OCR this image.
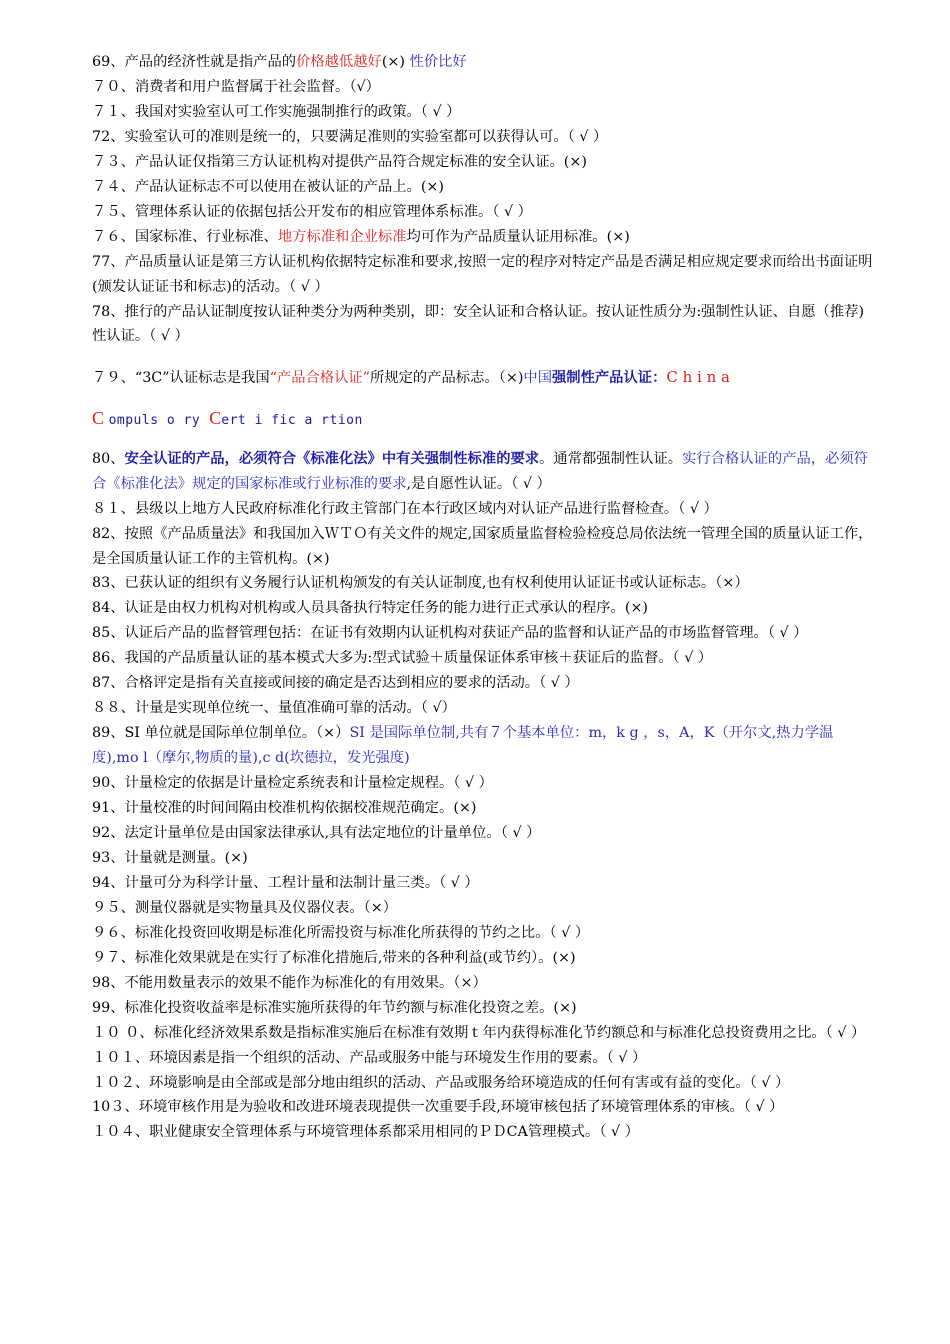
69、产品的经济性就是指产品的价格越低越好(×) 性价比好
７０、消费者和用户监督属于社会监督。（√）
７１、我国对实验室认可工作实施强制推行的政策。（ √ ）
72、实验室认可的准则是统一的，只要满足准则的实验室都可以获得认可。（ √ ）
７３、产品认证仅指第三方认证机构对提供产品符合规定标准的安全认证。(×)
７４、产品认证标志不可以使用在被认证的产品上。(×)
７５、管理体系认证的依据包括公开发布的相应管理体系标准。（ √ ）
７６、国家标准、行业标准、地方标准和企业标准均可作为产品质量认证用标准。(×)
77、产品质量认证是第三方认证机构依据特定标准和要求,按照一定的程序对特定产品是否满足相应规定要求而给出书面证明(颁发认证证书和标志)的活动。（ √ ）
78、推行的产品认证制度按认证种类分为两种类别，即：安全认证和合格认证。按认证性质分为:强制性认证、自愿（推荐)性认证。（ √ ）
７９、“3C”认证标志是我国“产品合格认证”所规定的产品标志。（×)中国强制性产品认证：C h i n a
C ompuls o ry Cert i fic a rtion
80、安全认证的产品，必须符合《标准化法》中有关强制性标准的要求。通常都强制性认证。实行合格认证的产品，必须符合《标准化法》规定的国家标准或行业标准的要求,是自愿性认证。（ √ ）
８１、县级以上地方人民政府标准化行政主管部门在本行政区域内对认证产品进行监督检查。（ √ ）
82、按照《产品质量法》和我国加入ＷＴＯ有关文件的规定,国家质量监督检验检疫总局依法统一管理全国的质量认证工作，是全国质量认证工作的主管机构。(×)
83、已获认证的组织有义务履行认证机构颁发的有关认证制度,也有权利使用认证证书或认证标志。（×）
84、认证是由权力机构对机构或人员具备执行特定任务的能力进行正式承认的程序。(×)
85、认证后产品的监督管理包括：在证书有效期内认证机构对获证产品的监督和认证产品的市场监督管理。（ √ ）
86、我国的产品质量认证的基本模式大多为:型式试验＋质量保证体系审核＋获证后的监督。（ √ ）
87、合格评定是指有关直接或间接的确定是否达到相应的要求的活动。（ √ ）
８８、计量是实现单位统一、量值准确可靠的活动。（ √）
89、SI 单位就是国际单位制单位。（×）SI 是国际单位制,共有７个基本单位：m，k g ，s，A，K（开尔文,热力学温度),mo l（摩尔,物质的量),c d(坎德拉，发光强度)
90、计量检定的依据是计量检定系统表和计量检定规程。（ √ ）
91、计量校准的时间间隔由校准机构依据校准规范确定。(×)
92、法定计量单位是由国家法律承认,具有法定地位的计量单位。（ √ ）
93、计量就是测量。(×)
94、计量可分为科学计量、工程计量和法制计量三类。（ √ ）
９５、测量仪器就是实物量具及仪器仪表。（×）
９６、标准化投资回收期是标准化所需投资与标准化所获得的节约之比。（ √ ）
９７、标准化效果就是在实行了标准化措施后,带来的各种利益(或节约）。(×)
98、不能用数量表示的效果不能作为标准化的有用效果。（×）
99、标准化投资收益率是标准实施所获得的年节约额与标准化投资之差。(×)
１０ ０、标准化经济效果系数是指标准实施后在标准有效期ｔ年内获得标准化节约额总和与标准化总投资费用之比。（ √ ）
１０１、环境因素是指一个组织的活动、产品或服务中能与环境发生作用的要素。（ √ ）
１０２、环境影响是由全部或是部分地由组织的活动、产品或服务给环境造成的任何有害或有益的变化。（ √ ）
10３、环境审核作用是为验收和改进环境表现提供一次重要手段,环境审核包括了环境管理体系的审核。（ √ ）
１０４、职业健康安全管理体系与环境管理体系都采用相同的ＰＤCA管理模式。（ √ ）
